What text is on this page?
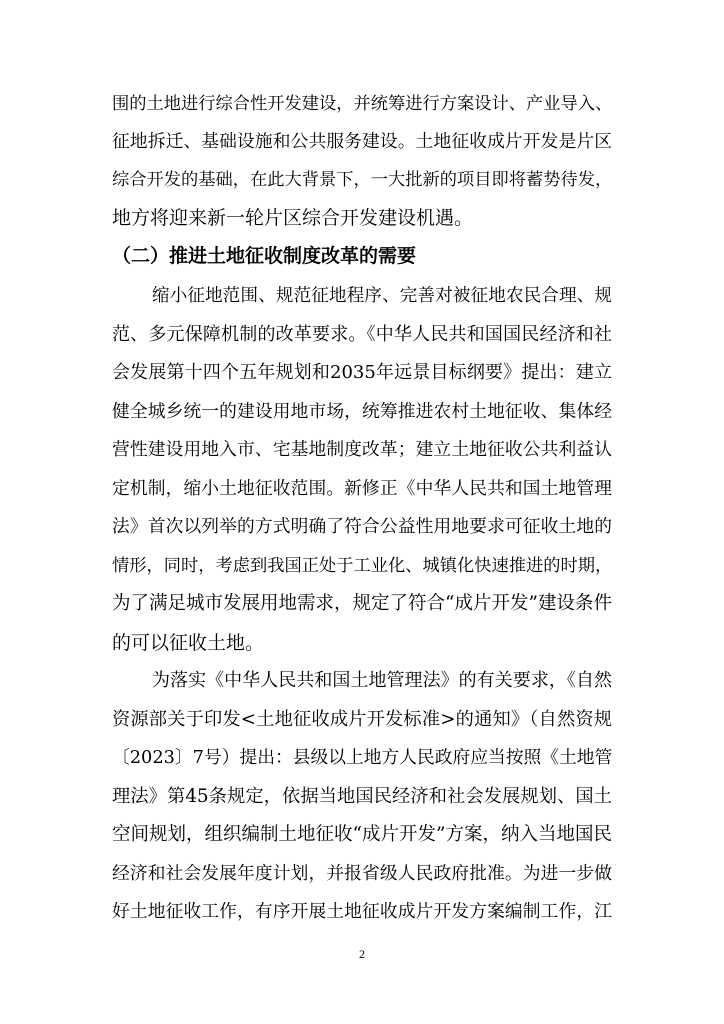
围的土地进行综合性开发建设，并统筹进行方案设计、产业导入、
征地拆迁、基础设施和公共服务建设。土地征收成片开发是片区
综合开发的基础，在此大背景下，一大批新的项目即将蓄势待发，
地方将迎来新一轮片区综合开发建设机遇。
（二）推进土地征收制度改革的需要
缩小征地范围、规范征地程序、完善对被征地农民合理、规
范、多元保障机制的改革要求。《中华人民共和国国民经济和社
会发展第十四个五年规划和2035年远景目标纲要》提出：建立
健全城乡统一的建设用地市场，统筹推进农村土地征收、集体经
营性建设用地入市、宅基地制度改革；建立土地征收公共利益认
定机制，缩小土地征收范围。新修正《中华人民共和国土地管理
法》首次以列举的方式明确了符合公益性用地要求可征收土地的
情形，同时，考虑到我国正处于工业化、城镇化快速推进的时期，
为了满足城市发展用地需求，规定了符合“成片开发”建设条件
的可以征收土地。
为落实《中华人民共和国土地管理法》的有关要求，《自然
资源部关于印发<土地征收成片开发标准>的通知》（自然资规
〔2023〕7号）提出：县级以上地方人民政府应当按照《土地管
理法》第45条规定，依据当地国民经济和社会发展规划、国土
空间规划，组织编制土地征收“成片开发”方案，纳入当地国民
经济和社会发展年度计划，并报省级人民政府批准。为进一步做
好土地征收工作，有序开展土地征收成片开发方案编制工作，江
2
